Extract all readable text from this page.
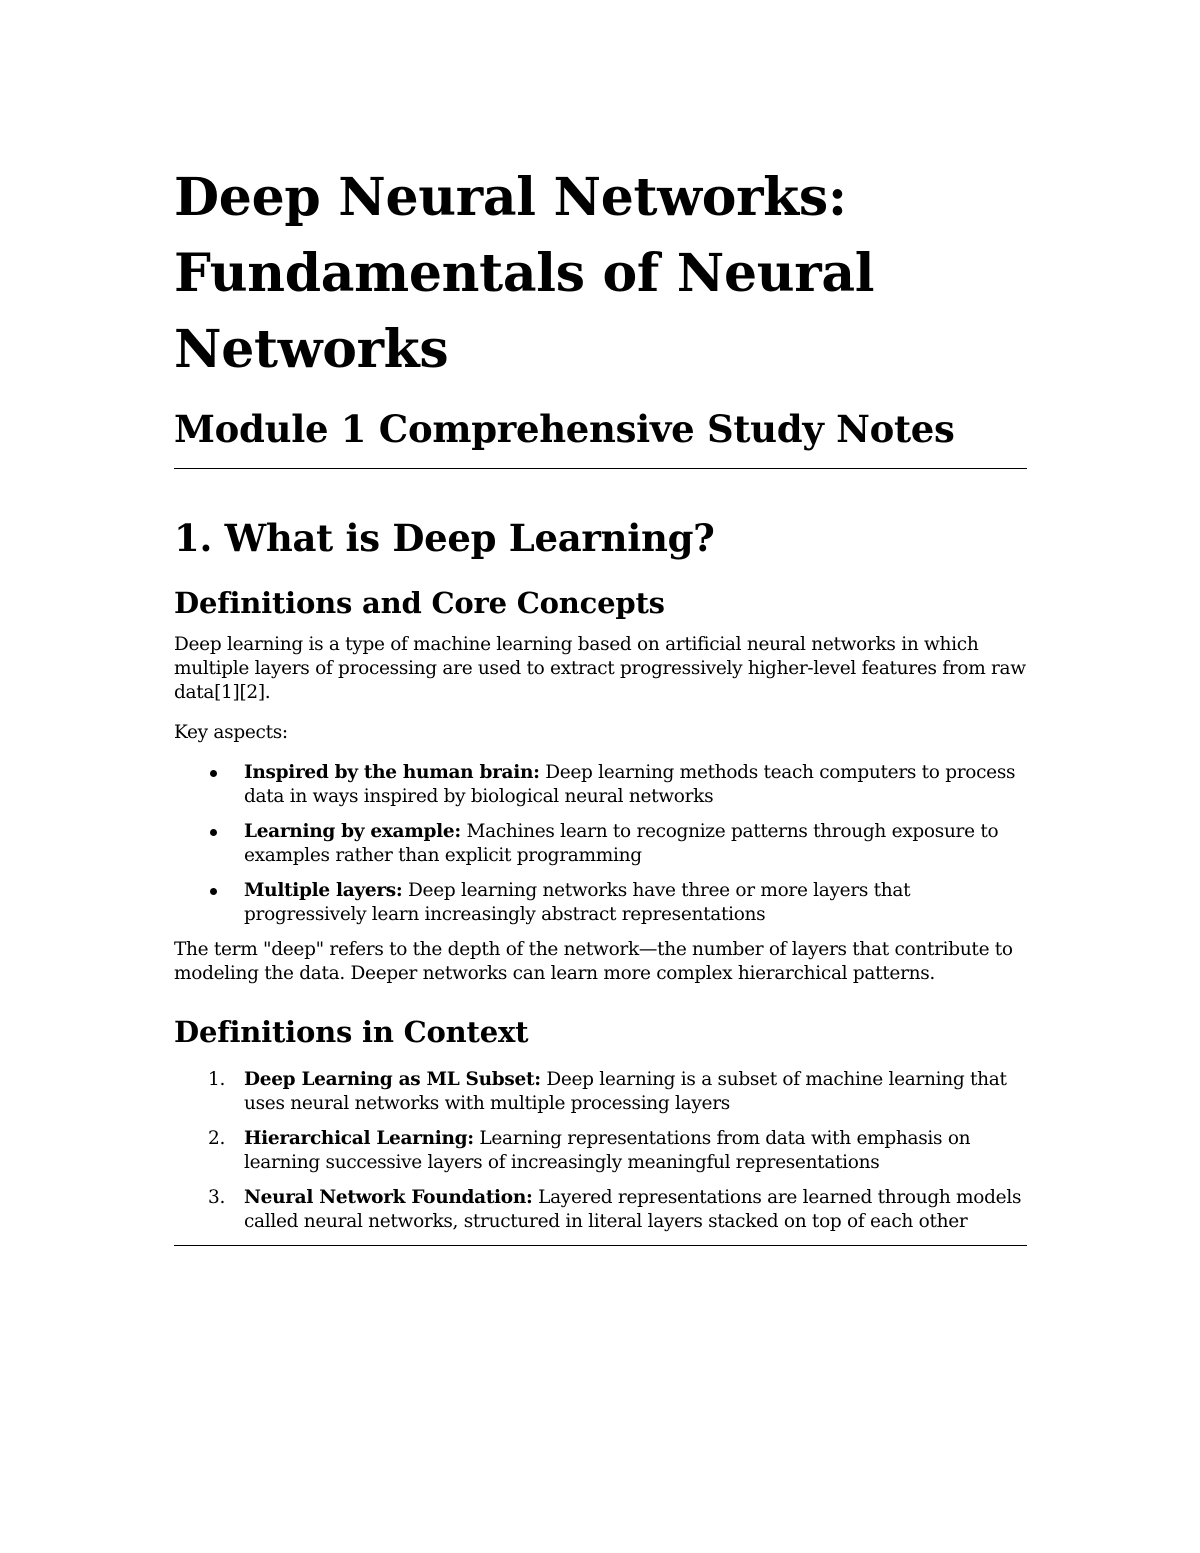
Deep Neural Networks: Fundamentals of Neural Networks
Module 1 Comprehensive Study Notes
1. What is Deep Learning?
Definitions and Core Concepts

Deep learning is a type of machine learning based on artificial neural networks in which multiple layers of processing are used to extract progressively higher-level features from raw data[1][2].

Key aspects:

Inspired by the human brain: Deep learning methods teach computers to process data in ways inspired by biological neural networks
Learning by example: Machines learn to recognize patterns through exposure to examples rather than explicit programming
Multiple layers: Deep learning networks have three or more layers that progressively learn increasingly abstract representations

The term "deep" refers to the depth of the network—the number of layers that contribute to modeling the data. Deeper networks can learn more complex hierarchical patterns.

Definitions in Context
1. Deep Learning as ML Subset: Deep learning is a subset of machine learning that uses neural networks with multiple processing layers
2. Hierarchical Learning: Learning representations from data with emphasis on learning successive layers of increasingly meaningful representations
3. Neural Network Foundation: Layered representations are learned through models called neural networks, structured in literal layers stacked on top of each other
